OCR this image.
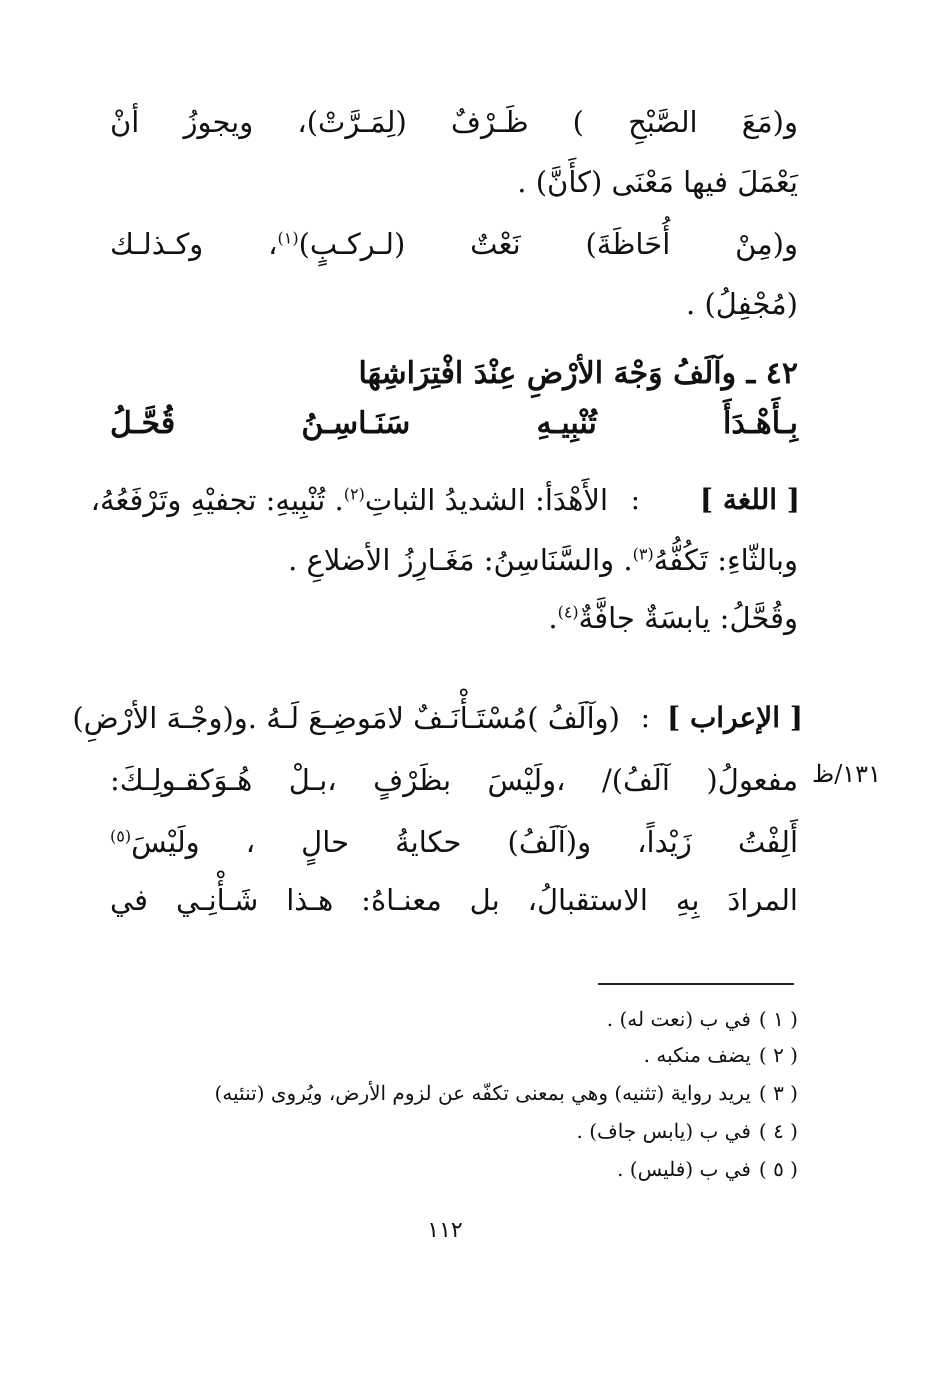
و(مَعَ الصَّبْحِ ) ظَـرْفٌ (لِمَـرَّتْ)، ويجوزُ أنْ
يَعْمَلَ فيها مَعْنَى (كأَنَّ) .
و(مِنْ أُحَاظَةَ) نَعْتٌ (لـركـبٍ)$^{(١)}$، وكـذلـك
(مُجْفِلُ) .
٤٢ ـ وآلَفُ وَجْهَ الأرْضِ عِنْدَ افْتِرَاشِهَا
بِـأَهْـدَأَ تُنْبِيـهِ سَنَـاسِـنُ قُحَّـلُ
[ اللغة ]
:
الأَهْدَأ: الشديدُ الثباتِ$^{(٢)}$. تُنْبِيهِ: تجفيْهِ وتَرْفَعُهُ،
وبالثّاءِ: تَكُفُّهُ$^{(٣)}$. والسَّنَاسِنُ: مَغَـارِزُ الأضلاعِ .
وقُحَّلُ: يابسَةٌ جافَّةٌ$^{(٤)}$.
[ الإعراب ]
:
(وآلَفُ )مُسْتَـأْنَـفٌ لامَوضِـعَ لَـهُ .و(وجْـهَ الأرْضِ)
مفعولُ( آلَفُ)/ ،ولَيْسَ بظَرْفٍ ،بـلْ هُـوَكقـولِـكَ: ١٣١/ظ
أَلِفْتُ زَيْداً، و(آلَفُ) حكايةُ حالٍ ، ولَيْسَ$^{(٥)}$
المرادَ بِهِ الاستقبالُ، بل معنـاهُ: هـذا شَـأْنِـي في
( ١ )في ب (نعت له) .
( ٢ )يضف منكبه .
( ٣ )يريد رواية (تثنيه) وهي بمعنى تكفّه عن لزوم الأرض، ويُروى (تنئيه)
( ٤ )في ب (يابس جاف) .
( ٥ )في ب (فليس) .
١١٢
